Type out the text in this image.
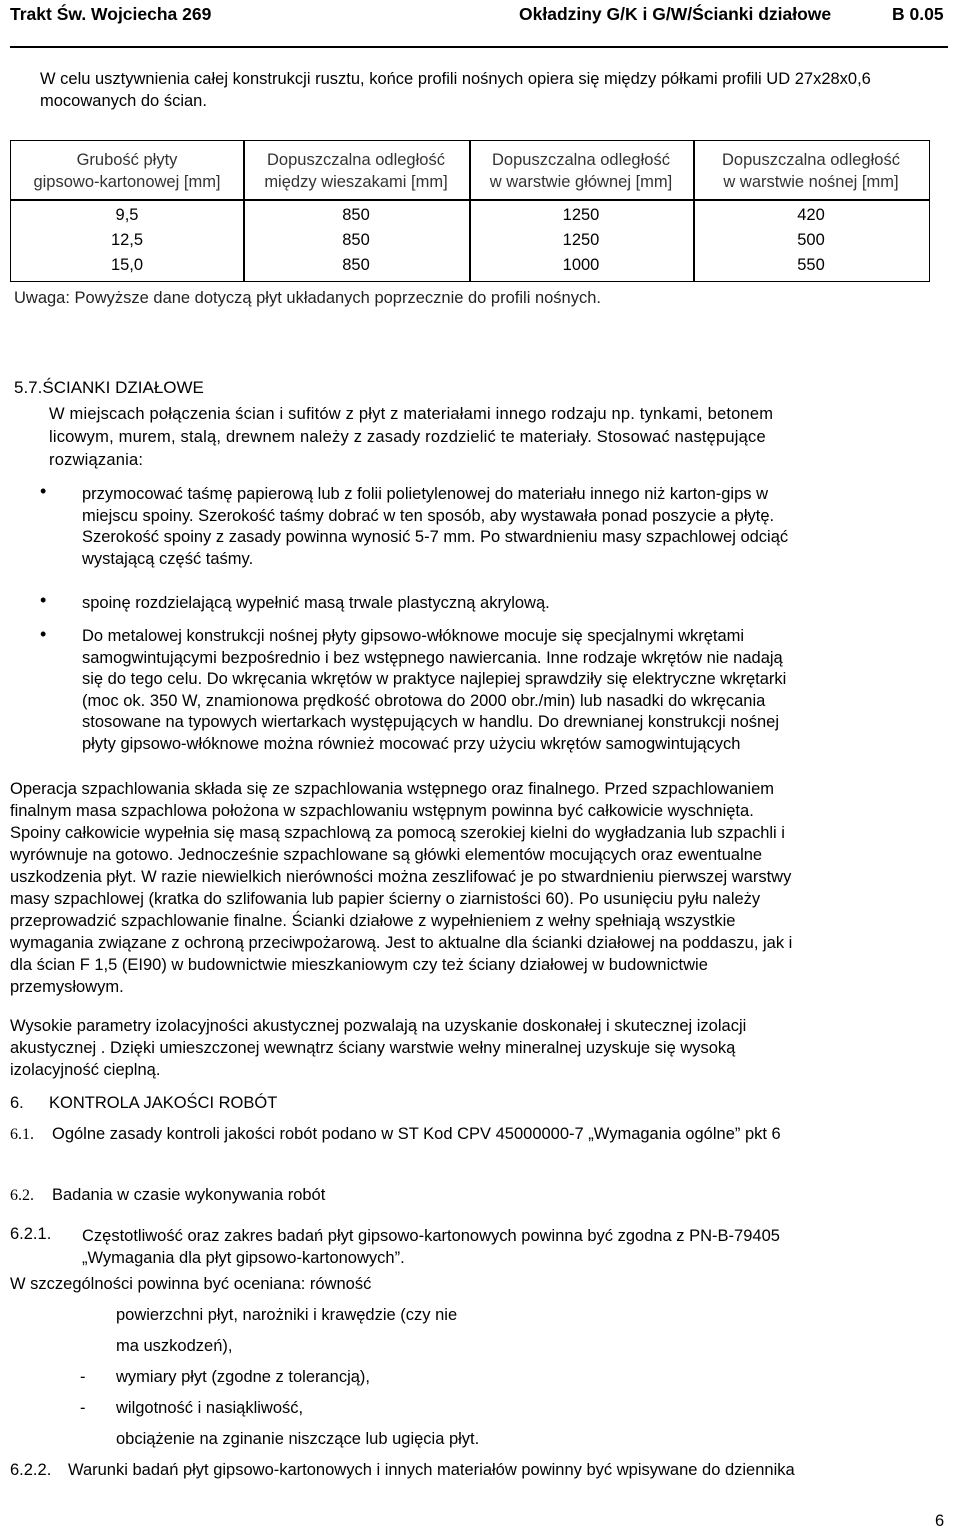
Trakt Św. Wojciecha 269	Okładziny G/K i G/W/Ścianki działowe	B 0.05
W celu usztywnienia całej konstrukcji rusztu, końce profili nośnych opiera się między półkami profili UD 27x28x0,6 mocowanych do ścian.
Grubość płyty
gipsowo-kartonowej [mm]
Dopuszczalna odległość
między wieszakami [mm]
Dopuszczalna odległość
w warstwie głównej [mm]
Dopuszczalna odległość
w warstwie nośnej [mm]
9,5
12,5
15,0
850
850
850
1250
1250
1000
420
500
550
Uwaga: Powyższe dane dotyczą płyt układanych poprzecznie do profili nośnych.
5.7.ŚCIANKI DZIAŁOWE
W miejscach połączenia ścian i sufitów z płyt z materiałami innego rodzaju np. tynkami, betonem
licowym, murem, stalą, drewnem należy z zasady rozdzielić te materiały. Stosować następujące
rozwiązania:
• przymocować taśmę papierową lub z folii polietylenowej do materiału innego niż karton-gips w
miejscu spoiny. Szerokość taśmy dobrać w ten sposób, aby wystawała ponad poszycie a płytę.
Szerokość spoiny z zasady powinna wynosić 5-7 mm. Po stwardnieniu masy szpachlowej odciąć
wystającą część taśmy.
• spoinę rozdzielającą wypełnić masą trwale plastyczną akrylową.
• Do metalowej konstrukcji nośnej płyty gipsowo-włóknowe mocuje się specjalnymi wkrętami
samogwintującymi bezpośrednio i bez wstępnego nawiercania. Inne rodzaje wkrętów nie nadają
się do tego celu. Do wkręcania wkrętów w praktyce najlepiej sprawdziły się elektryczne wkrętarki
(moc ok. 350 W, znamionowa prędkość obrotowa do 2000 obr./min) lub nasadki do wkręcania
stosowane na typowych wiertarkach występujących w handlu. Do drewnianej konstrukcji nośnej
płyty gipsowo-włóknowe można również mocować przy użyciu wkrętów samogwintujących
Operacja szpachlowania składa się ze szpachlowania wstępnego oraz finalnego. Przed szpachlowaniem
finalnym masa szpachlowa położona w szpachlowaniu wstępnym powinna być całkowicie wyschnięta.
Spoiny całkowicie wypełnia się masą szpachlową za pomocą szerokiej kielni do wygładzania lub szpachli i
wyrównuje na gotowo. Jednocześnie szpachlowane są główki elementów mocujących oraz ewentualne
uszkodzenia płyt. W razie niewielkich nierówności można zeszlifować je po stwardnieniu pierwszej warstwy
masy szpachlowej (kratka do szlifowania lub papier ścierny o ziarnistości 60). Po usunięciu pyłu należy
przeprowadzić szpachlowanie finalne. Ścianki działowe z wypełnieniem z wełny spełniają wszystkie
wymagania związane z ochroną przeciwpożarową. Jest to aktualne dla ścianki działowej na poddaszu, jak i
dla ścian F 1,5 (EI90) w budownictwie mieszkaniowym czy też ściany działowej w budownictwie
przemysłowym.
Wysokie parametry izolacyjności akustycznej pozwalają na uzyskanie doskonałej i skutecznej izolacji
akustycznej . Dzięki umieszczonej wewnątrz ściany warstwie wełny mineralnej uzyskuje się wysoką
izolacyjność cieplną.
6. KONTROLA JAKOŚCI ROBÓT
6.1. Ogólne zasady kontroli jakości robót podano w ST Kod CPV 45000000-7 „Wymagania ogólne” pkt 6
6.2. Badania w czasie wykonywania robót
6.2.1. Częstotliwość oraz zakres badań płyt gipsowo-kartonowych powinna być zgodna z PN-B-79405
„Wymagania dla płyt gipsowo-kartonowych”.
W szczególności powinna być oceniana: równość
powierzchni płyt, narożniki i krawędzie (czy nie
ma uszkodzeń),
- wymiary płyt (zgodne z tolerancją),
- wilgotność i nasiąkliwość,
obciążenie na zginanie niszczące lub ugięcia płyt.
6.2.2. Warunki badań płyt gipsowo-kartonowych i innych materiałów powinny być wpisywane do dziennika
6
